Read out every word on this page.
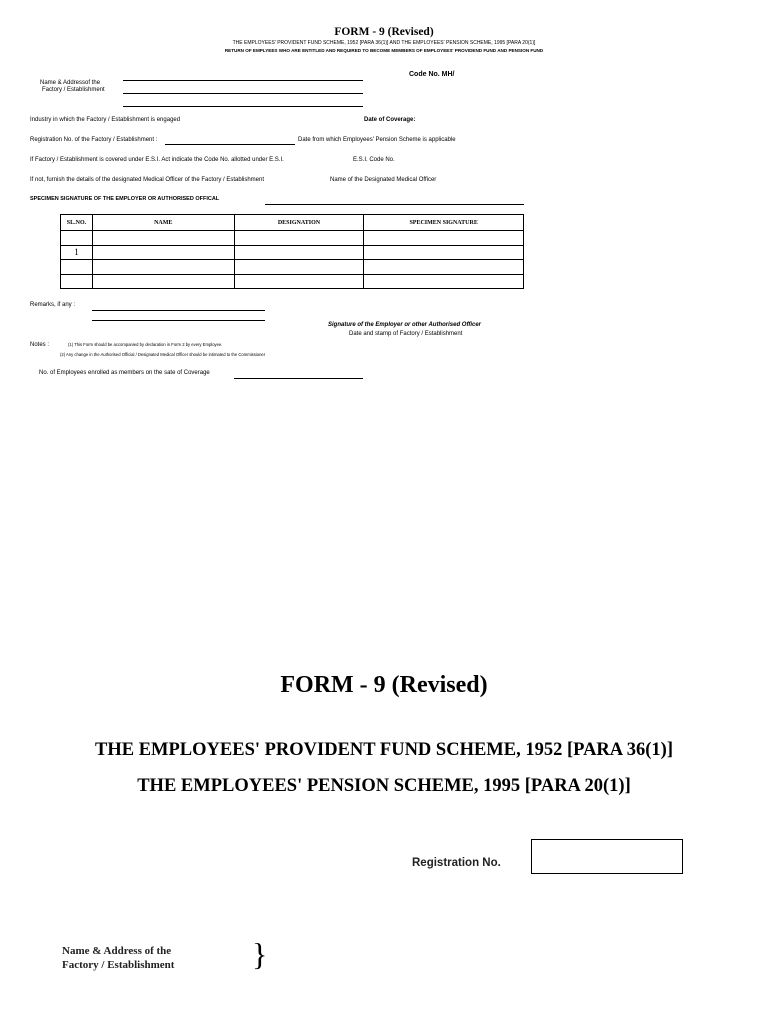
FORM - 9 (Revised)
THE EMPLOYEES' PROVIDENT FUND SCHEME, 1952 [PARA 36(1)] AND THE EMPLOYEES' PENSION SCHEME, 1995 [PARA 20(1)]
RETURN OF EMPLYEES WHO ARE ENTITLED AND REQUIRED TO BECOME MEMBERS OF EMPLOYEES' PROVIDEND FUND AND PENSION FUND
Name & Addressof the
Factory / Establishment
Code No. MH/
Industry in which the Factory / Establishment is engaged	Date of Coverage:
Registration No. of the Factory / Establishment :	Date from which Employees' Pension Scheme is applicable
If Factory / Establishment is covered under E.S.I. Act indicate the Code No. allotted under E.S.I.	E.S.I. Code No.
If not, furnish the details of the designated Medical Officer of the Factory / Establishment	Name of the Designated Medical Officer
SPECIMEN SIGNATURE OF THE EMPLOYER OR AUTHORISED OFFICAL
SL.NO.	NAME	DESIGNATION	SPECIMEN SIGNATURE

1			

Remarks, if any :
Signature of the Employer or other Authorised Officer
Date and stamp of Factory / Establishment
Notes :	(1) This Form should be accompanied by declaration in Form 2 by every Employee.
(2) Any change in the Authorised Official / Designated Medical Officer should be intimated to the Commissioner
No. of Employees enrolled as members on the sate of Coverage
FORM - 9 (Revised)
THE EMPLOYEES' PROVIDENT FUND SCHEME, 1952 [PARA 36(1)]
THE EMPLOYEES' PENSION SCHEME, 1995 [PARA 20(1)]
Registration No.
Name & Address of the
Factory / Establishment }
